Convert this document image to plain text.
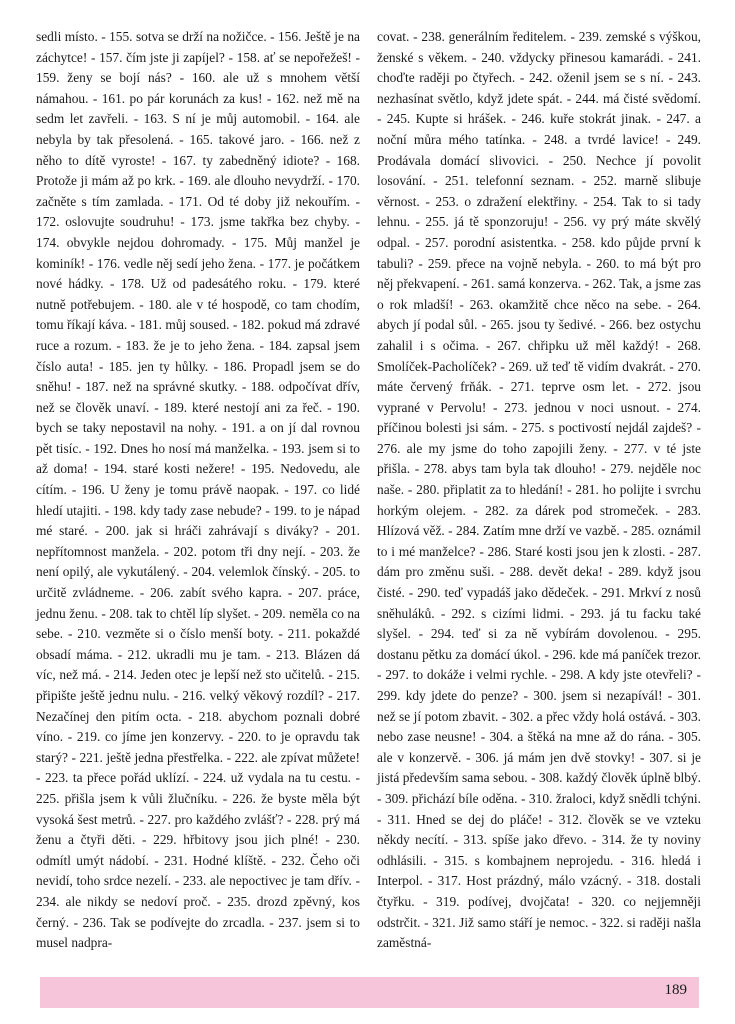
sedli místo. - 155. sotva se drží na nožičce. - 156. Ještě je na záchytce! - 157. čím jste ji zapíjel? - 158. ať se nepořežeš! - 159. ženy se bojí nás? - 160. ale už s mnohem větší námahou. - 161. po pár korunách za kus! - 162. než mě na sedm let zavřeli. - 163. S ní je můj automobil. - 164. ale nebyla by tak přesolená. - 165. takové jaro. - 166. než z něho to dítě vyroste! - 167. ty zabedněný idiote? - 168. Protože ji mám až po krk. - 169. ale dlouho nevydrží. - 170. začněte s tím zamlada. - 171. Od té doby již nekouřím. - 172. oslovujte soudruhu! - 173. jsme takřka bez chyby. - 174. obvykle nejdou dohromady. - 175. Můj manžel je kominík! - 176. vedle něj sedí jeho žena. - 177. je počátkem nové hádky. - 178. Už od padesátého roku. - 179. které nutně potřebujem. - 180. ale v té hospodě, co tam chodím, tomu říkají káva. - 181. můj soused. - 182. pokud má zdravé ruce a rozum. - 183. že je to jeho žena. - 184. zapsal jsem číslo auta! - 185. jen ty hůlky. - 186. Propadl jsem se do sněhu! - 187. než na správné skutky. - 188. odpočívat dřív, než se člověk unaví. - 189. které nestojí ani za řeč. - 190. bych se taky nepostavil na nohy. - 191. a on jí dal rovnou pět tisíc. - 192. Dnes ho nosí má manželka. - 193. jsem si to až doma! - 194. staré kosti nežere! - 195. Nedovedu, ale cítím. - 196. U ženy je tomu právě naopak. - 197. co lidé hledí utajiti. - 198. kdy tady zase nebude? - 199. to je nápad mé staré. - 200. jak si hráči zahrávají s diváky? - 201. nepřítomnost manžela. - 202. potom tři dny nejí. - 203. že není opilý, ale vykutálený. - 204. velemlok čínský. - 205. to určitě zvládneme. - 206. zabít svého kapra. - 207. práce, jednu ženu. - 208. tak to chtěl líp slyšet. - 209. neměla co na sebe. - 210. vezměte si o číslo menší boty. - 211. pokaždé obsadí máma. - 212. ukradli mu je tam. - 213. Blázen dá víc, než má. - 214. Jeden otec je lepší než sto učitelů. - 215. připište ještě jednu nulu. - 216. velký věkový rozdíl? - 217. Nezačínej den pitím octa. - 218. abychom poznali dobré víno. - 219. co jíme jen konzervy. - 220. to je opravdu tak starý? - 221. ještě jedna přestřelka. - 222. ale zpívat můžete! - 223. ta přece pořád uklízí. - 224. už vydala na tu cestu. - 225. přišla jsem k vůli žlučníku. - 226. že byste měla být vysoká šest metrů. - 227. pro každého zvlášť? - 228. prý má ženu a čtyři děti. - 229. hřbitovy jsou jich plné! - 230. odmítl umýt nádobí. - 231. Hodné klíště. - 232. Čeho oči nevidí, toho srdce nezelí. - 233. ale nepoctivec je tam dřív. - 234. ale nikdy se nedoví proč. - 235. drozd zpěvný, kos černý. - 236. Tak se podívejte do zrcadla. - 237. jsem si to musel nadpra-

covat. - 238. generálním ředitelem. - 239. zemské s výškou, ženské s věkem. - 240. vždycky přinesou kamarádi. - 241. choďte raději po čtyřech. - 242. oženil jsem se s ní. - 243. nezhasínat světlo, když jdete spát. - 244. má čisté svědomí. - 245. Kupte si hrášek. - 246. kuře stokrát jinak. - 247. a noční můra mého tatínka. - 248. a tvrdé lavice! - 249. Prodávala domácí slivovici. - 250. Nechce jí povolit losování. - 251. telefonní seznam. - 252. marně slibuje věrnost. - 253. o zdražení elektřiny. - 254. Tak to si tady lehnu. - 255. já tě sponzoruju! - 256. vy prý máte skvělý odpal. - 257. porodní asistentka. - 258. kdo půjde první k tabuli? - 259. přece na vojně nebyla. - 260. to má být pro něj překvapení. - 261. samá konzerva. - 262. Tak, a jsme zas o rok mladší! - 263. okamžitě chce něco na sebe. - 264. abych jí podal sůl. - 265. jsou ty šedivé. - 266. bez ostychu zahalil i s očima. - 267. chřipku už měl každý! - 268. Smolíček-Pacholíček? - 269. už teď tě vidím dvakrát. - 270. máte červený frňák. - 271. teprve osm let. - 272. jsou vyprané v Pervolu! - 273. jednou v noci usnout. - 274. příčinou bolesti jsi sám. - 275. s poctivostí nejdál zajdeš? - 276. ale my jsme do toho zapojili ženy. - 277. v té jste přišla. - 278. abys tam byla tak dlouho! - 279. nejděle noc naše. - 280. připlatit za to hledání! - 281. ho polijte i svrchu horkým olejem. - 282. za dárek pod stromeček. - 283. Hlízová věž. - 284. Zatím mne drží ve vazbě. - 285. oznámil to i mé manželce? - 286. Staré kosti jsou jen k zlosti. - 287. dám pro změnu suši. - 288. devět deka! - 289. když jsou čisté. - 290. teď vypadáš jako dědeček. - 291. Mrkví z nosů sněhuláků. - 292. s cizími lidmi. - 293. já tu facku také slyšel. - 294. teď si za ně vybírám dovolenou. - 295. dostanu pětku za domácí úkol. - 296. kde má paníček trezor. - 297. to dokáže i velmi rychle. - 298. A kdy jste otevřeli? - 299. kdy jdete do penze? - 300. jsem si nezapívál! - 301. než se jí potom zbavit. - 302. a přec vždy holá ostává. - 303. nebo zase neusne! - 304. a štěká na mne až do rána. - 305. ale v konzervě. - 306. já mám jen dvě stovky! - 307. si je jistá především sama sebou. - 308. každý člověk úplně blbý. - 309. přichází bíle oděna. - 310. žraloci, když snědli tchýni. - 311. Hned se dej do pláče! - 312. člověk se ve vzteku někdy necítí. - 313. spíše jako dřevo. - 314. že ty noviny odhlásili. - 315. s kombajnem neprojedu. - 316. hledá i Interpol. - 317. Host prázdný, málo vzácný. - 318. dostali čtyřku. - 319. podívej, dvojčata! - 320. co nejjemněji odstrčit. - 321. Již samo stáří je nemoc. - 322. si raději našla zaměstná-

189
